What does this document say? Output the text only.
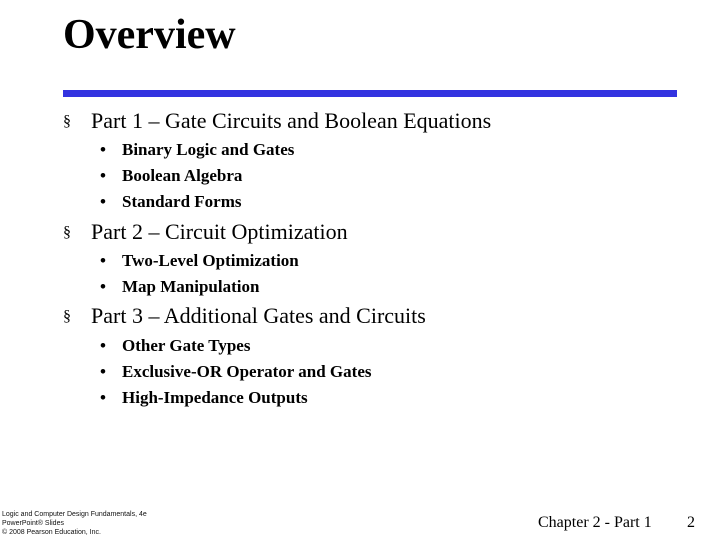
Overview
§ Part 1 – Gate Circuits and Boolean Equations
• Binary Logic and Gates
• Boolean Algebra
• Standard Forms
§ Part 2 – Circuit Optimization
• Two-Level Optimization
• Map Manipulation
§ Part 3 – Additional Gates and Circuits
• Other Gate Types
• Exclusive-OR Operator and Gates
• High-Impedance Outputs
Logic and Computer Design Fundamentals, 4e
PowerPoint® Slides
© 2008 Pearson Education, Inc.
Chapter 2 - Part 1 2
